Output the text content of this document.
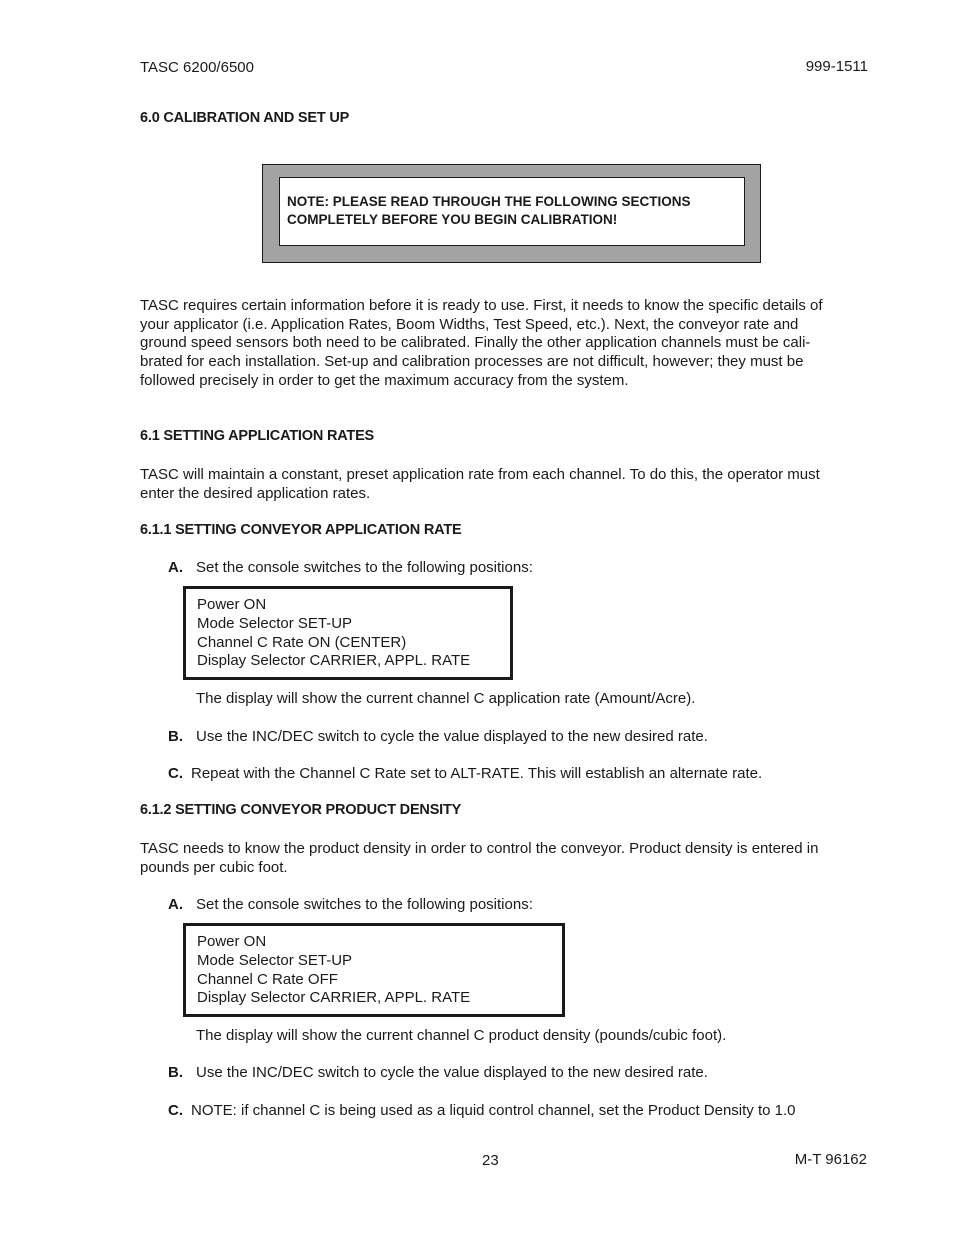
TASC 6200/6500	999-1511
6.0 CALIBRATION AND SET UP
NOTE: PLEASE READ THROUGH THE FOLLOWING SECTIONS
COMPLETELY BEFORE YOU BEGIN CALIBRATION!
TASC requires certain information before it is ready to use. First, it needs to know the specific details of
your applicator (i.e. Application Rates, Boom Widths, Test Speed, etc.). Next, the conveyor rate and
ground speed sensors both need to be calibrated. Finally the other application channels must be cali-
brated for each installation. Set-up and calibration processes are not difficult, however; they must be
followed precisely in order to get the maximum accuracy from the system.
6.1 SETTING APPLICATION RATES
TASC will maintain a constant, preset application rate from each channel. To do this, the operator must
enter the desired application rates.
6.1.1 SETTING CONVEYOR APPLICATION RATE
A. Set the console switches to the following positions:
Power ON
Mode Selector SET-UP
Channel C Rate ON (CENTER)
Display Selector CARRIER, APPL. RATE
The display will show the current channel C application rate (Amount/Acre).
B. Use the INC/DEC switch to cycle the value displayed to the new desired rate.
C. Repeat with the Channel C Rate set to ALT-RATE. This will establish an alternate rate.
6.1.2 SETTING CONVEYOR PRODUCT DENSITY
TASC needs to know the product density in order to control the conveyor. Product density is entered in
pounds per cubic foot.
A. Set the console switches to the following positions:
Power ON
Mode Selector SET-UP
Channel C Rate OFF
Display Selector CARRIER, APPL. RATE
The display will show the current channel C product density (pounds/cubic foot).
B. Use the INC/DEC switch to cycle the value displayed to the new desired rate.
C. NOTE: if channel C is being used as a liquid control channel, set the Product Density to 1.0
23	M-T 96162
